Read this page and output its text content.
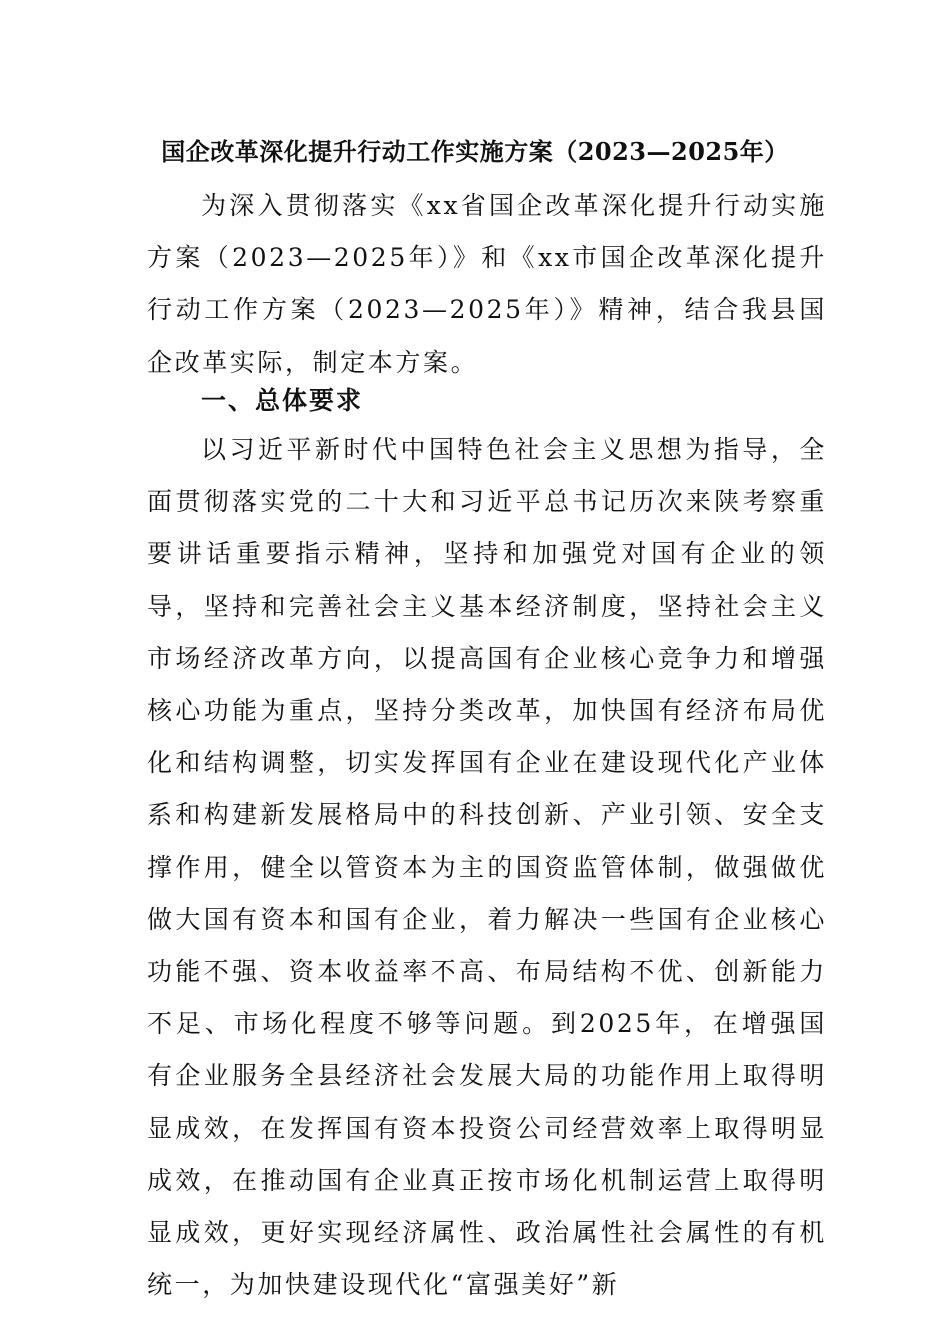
国企改革深化提升行动工作实施方案（2023—2025年）

为深入贯彻落实《xx省国企改革深化提升行动实施方案（2023—2025年）》和《xx市国企改革深化提升行动工作方案（2023—2025年）》精神，结合我县国企改革实际，制定本方案。

一、总体要求

以习近平新时代中国特色社会主义思想为指导，全面贯彻落实党的二十大和习近平总书记历次来陕考察重要讲话重要指示精神，坚持和加强党对国有企业的领导，坚持和完善社会主义基本经济制度，坚持社会主义市场经济改革方向，以提高国有企业核心竞争力和增强核心功能为重点，坚持分类改革，加快国有经济布局优化和结构调整，切实发挥国有企业在建设现代化产业体系和构建新发展格局中的科技创新、产业引领、安全支撑作用，健全以管资本为主的国资监管体制，做强做优做大国有资本和国有企业，着力解决一些国有企业核心功能不强、资本收益率不高、布局结构不优、创新能力不足、市场化程度不够等问题。到2025年，在增强国有企业服务全县经济社会发展大局的功能作用上取得明显成效，在发挥国有资本投资公司经营效率上取得明显成效，在推动国有企业真正按市场化机制运营上取得明显成效，更好实现经济属性、政治属性社会属性的有机统一，为加快建设现代化“富强美好”新
